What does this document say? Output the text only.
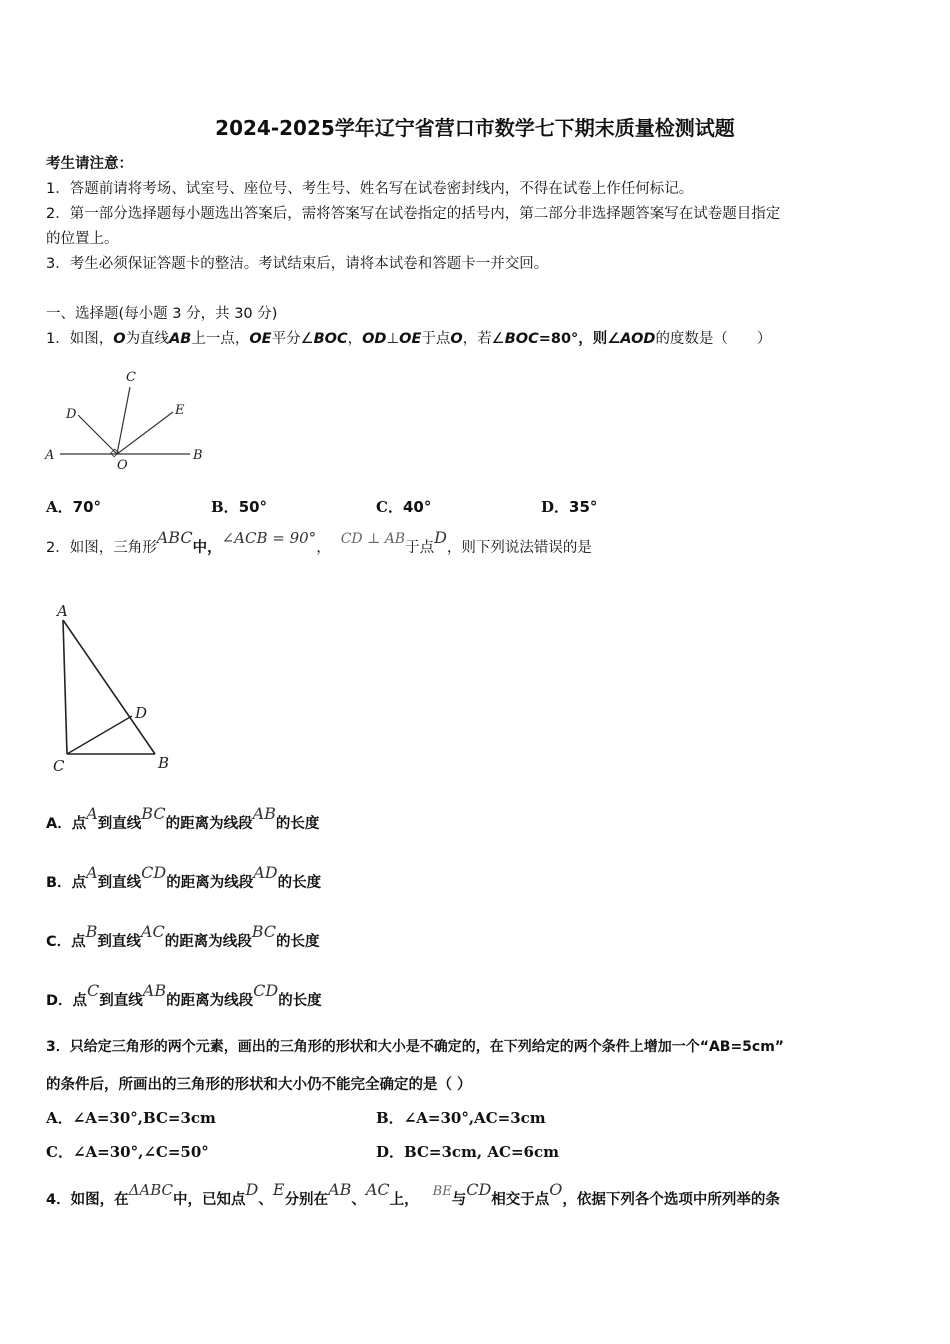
2024-2025学年辽宁省营口市数学七下期末质量检测试题
考生请注意：
1．答题前请将考场、试室号、座位号、考生号、姓名写在试卷密封线内，不得在试卷上作任何标记。
2．第一部分选择题每小题选出答案后，需将答案写在试卷指定的括号内，第二部分非选择题答案写在试卷题目指定
的位置上。
3．考生必须保证答题卡的整洁。考试结束后，请将本试卷和答题卡一并交回。
一、选择题(每小题 3 分，共 30 分)
1．如图，O为直线AB上一点，OE平分∠BOC，OD⊥OE于点O，若∠BOC=80°，则∠AOD的度数是（　　）
A	B
C
D	E
O
A．70°	B．50°	C．40°	D．35°
2．如图，三角形ABC中，∠ACB = 90°，CD ⊥ AB于点D，则下列说法错误的是
A
C	B
D
A．点A到直线BC的距离为线段AB的长度
B．点A到直线CD的距离为线段AD的长度
C．点B到直线AC的距离为线段BC的长度
D．点C到直线AB的距离为线段CD的长度
3．只给定三角形的两个元素，画出的三角形的形状和大小是不确定的，在下列给定的两个条件上增加一个“AB=5cm”
的条件后，所画出的三角形的形状和大小仍不能完全确定的是（ ）
A．∠A=30°,BC=3cm	B．∠A=30°,AC=3cm
C．∠A=30°,∠C=50°	D．BC=3cm, AC=6cm
4．如图，在ΔABC中，已知点D、E分别在AB、AC上，BE与CD相交于点O，依据下列各个选项中所列举的条
